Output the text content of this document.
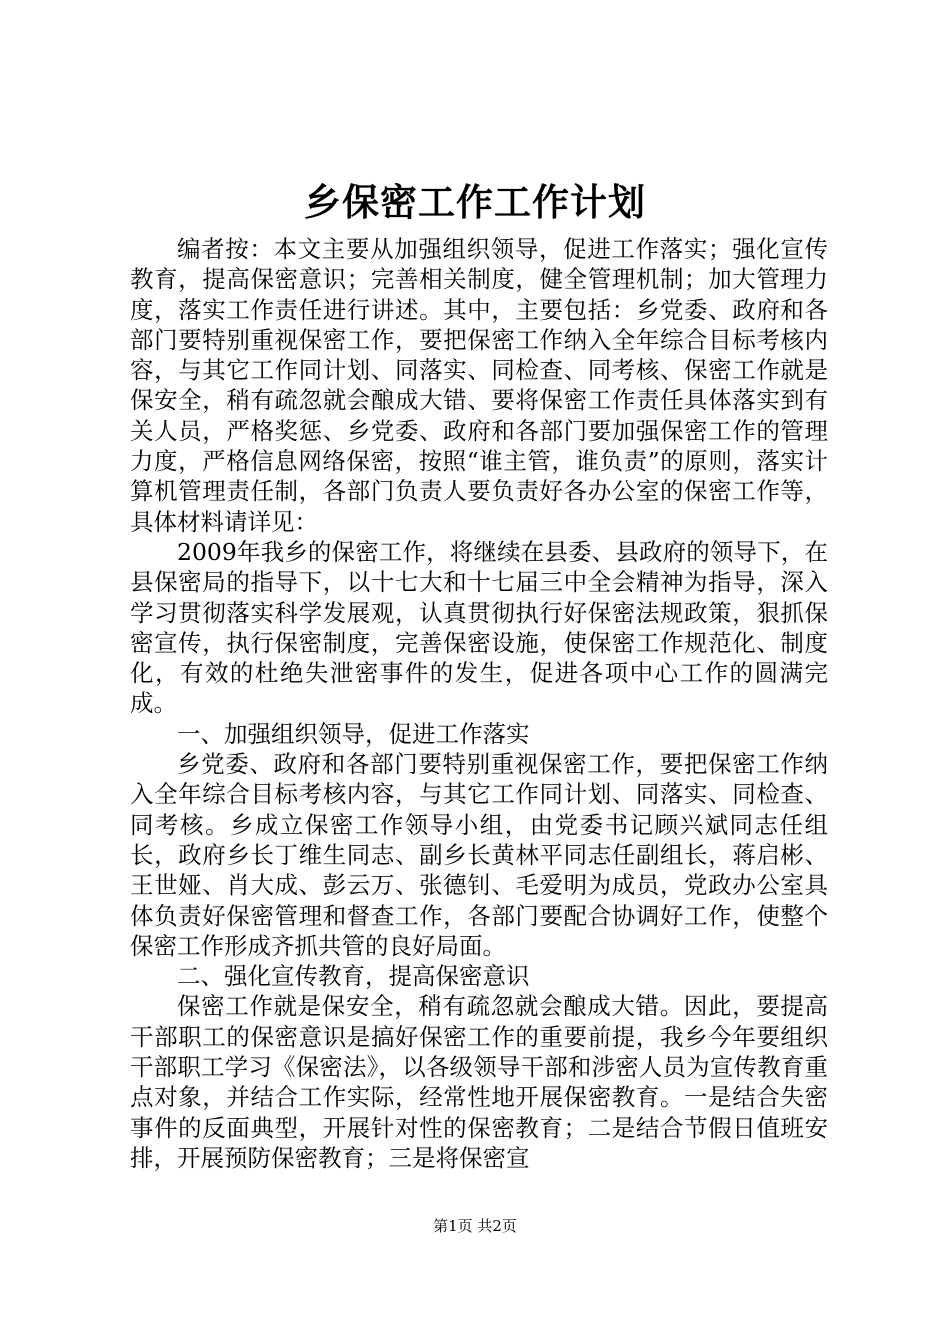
乡保密工作工作计划

编者按：本文主要从加强组织领导，促进工作落实；强化宣传教育，提高保密意识；完善相关制度，健全管理机制；加大管理力度，落实工作责任进行讲述。其中，主要包括：乡党委、政府和各部门要特别重视保密工作，要把保密工作纳入全年综合目标考核内容，与其它工作同计划、同落实、同检查、同考核、保密工作就是保安全，稍有疏忽就会酿成大错、要将保密工作责任具体落实到有关人员，严格奖惩、乡党委、政府和各部门要加强保密工作的管理力度，严格信息网络保密，按照“谁主管，谁负责”的原则，落实计算机管理责任制，各部门负责人要负责好各办公室的保密工作等，具体材料请详见：

2009年我乡的保密工作，将继续在县委、县政府的领导下，在县保密局的指导下，以十七大和十七届三中全会精神为指导，深入学习贯彻落实科学发展观，认真贯彻执行好保密法规政策，狠抓保密宣传，执行保密制度，完善保密设施，使保密工作规范化、制度化，有效的杜绝失泄密事件的发生，促进各项中心工作的圆满完成。

一、加强组织领导，促进工作落实

乡党委、政府和各部门要特别重视保密工作，要把保密工作纳入全年综合目标考核内容，与其它工作同计划、同落实、同检查、同考核。乡成立保密工作领导小组，由党委书记顾兴斌同志任组长，政府乡长丁维生同志、副乡长黄林平同志任副组长，蒋启彬、王世娅、肖大成、彭云万、张德钊、毛爱明为成员，党政办公室具体负责好保密管理和督查工作，各部门要配合协调好工作，使整个保密工作形成齐抓共管的良好局面。

二、强化宣传教育，提高保密意识

保密工作就是保安全，稍有疏忽就会酿成大错。因此，要提高干部职工的保密意识是搞好保密工作的重要前提，我乡今年要组织干部职工学习《保密法》，以各级领导干部和涉密人员为宣传教育重点对象，并结合工作实际，经常性地开展保密教育。一是结合失密事件的反面典型，开展针对性的保密教育；二是结合节假日值班安排，开展预防保密教育；三是将保密宣

第1页 共2页
